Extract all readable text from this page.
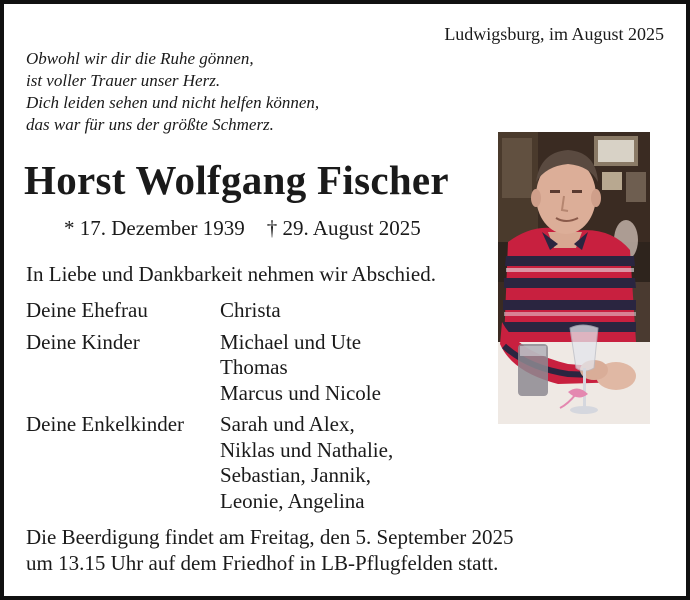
Ludwigsburg, im August 2025
Obwohl wir dir die Ruhe gönnen,
ist voller Trauer unser Herz.
Dich leiden sehen und nicht helfen können,
das war für uns der größte Schmerz.
Horst Wolfgang Fischer
* 17. Dezember 1939 † 29. August 2025
In Liebe und Dankbarkeit nehmen wir Abschied.
Deine Ehefrau	Christa
Deine Kinder	Michael und Ute
Thomas
Marcus und Nicole
Deine Enkelkinder	Sarah und Alex,
Niklas und Nathalie,
Sebastian, Jannik,
Leonie, Angelina
Die Beerdigung findet am Freitag, den 5. September 2025
um 13.15 Uhr auf dem Friedhof in LB-Pflugfelden statt.
